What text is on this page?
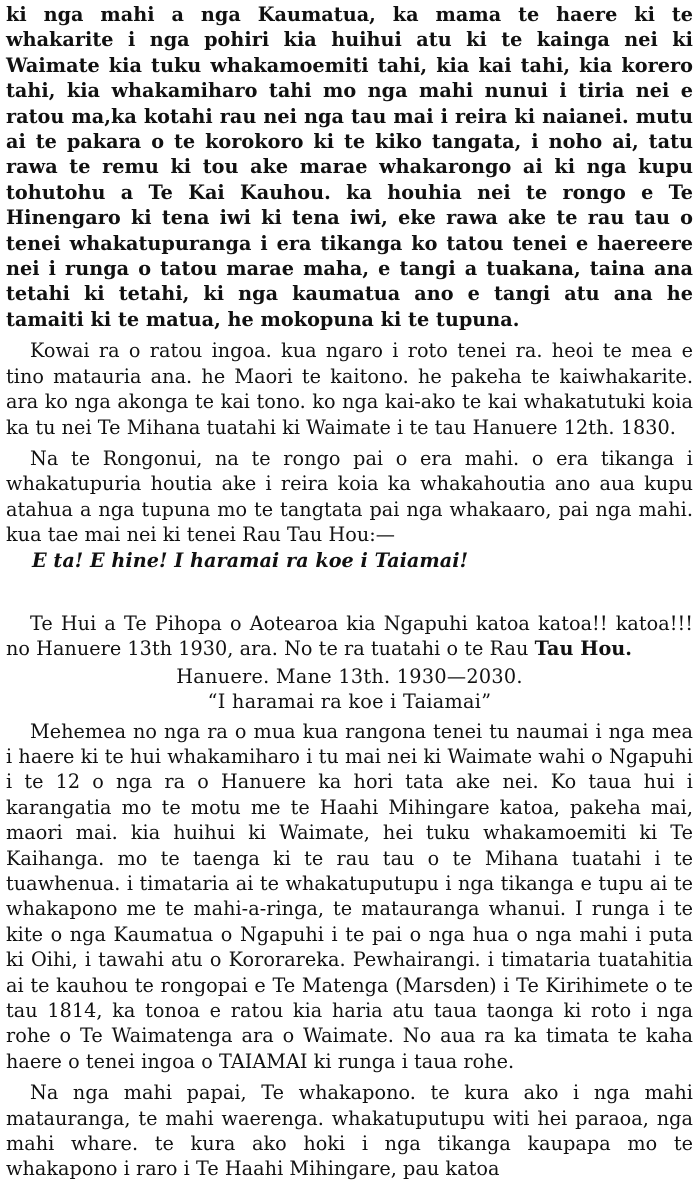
ki nga mahi a nga Kaumatua, ka mama te haere ki te whakarite i nga pohiri kia huihui atu ki te kainga nei ki Waimate kia tuku whakamoemiti tahi, kia kai tahi, kia korero tahi, kia whakamiharo tahi mo nga mahi nunui i tiria nei e ratou ma,ka kotahi rau nei nga tau mai i reira ki naianei. mutu ai te pakara o te korokoro ki te kiko tangata, i noho ai, tatu rawa te remu ki tou ake marae whakarongo ai ki nga kupu tohutohu a Te Kai Kauhou. ka houhia nei te rongo e Te Hinengaro ki tena iwi ki tena iwi, eke rawa ake te rau tau o tenei whakatupuranga i era tikanga ko tatou tenei e haereere nei i runga o tatou marae maha, e tangi a tuakana, taina ana tetahi ki tetahi, ki nga kaumatua ano e tangi atu ana he tamaiti ki te matua, he mokopuna ki te tupuna.

Kowai ra o ratou ingoa. kua ngaro i roto tenei ra. heoi te mea e tino matauria ana. he Maori te kaitono. he pakeha te kaiwhakarite. ara ko nga akonga te kai tono. ko nga kai-ako te kai whakatutuki koia ka tu nei Te Mihana tuatahi ki Waimate i te tau Hanuere 12th. 1830.

Na te Rongonui, na te rongo pai o era mahi. o era tikanga i whakatupuria houtia ake i reira koia ka whakahoutia ano aua kupu atahua a nga tupuna mo te tangtata pai nga whakaaro, pai nga mahi. kua tae mai nei ki tenei Rau Tau Hou:—
E ta! E hine! I haramai ra koe i Taiamai!

Te Hui a Te Pihopa o Aotearoa kia Ngapuhi katoa katoa!! katoa!!! no Hanuere 13th 1930, ara. No te ra tuatahi o te Rau Tau Hou.

Hanuere. Mane 13th. 1930—2030.

“I haramai ra koe i Taiamai”

Mehemea no nga ra o mua kua rangona tenei tu naumai i nga mea i haere ki te hui whakamiharo i tu mai nei ki Waimate wahi o Ngapuhi i te 12 o nga ra o Hanuere ka hori tata ake nei. Ko taua hui i karangatia mo te motu me te Haahi Mihingare katoa, pakeha mai, maori mai. kia huihui ki Waimate, hei tuku whakamoemiti ki Te Kaihanga. mo te taenga ki te rau tau o te Mihana tuatahi i te tuawhenua. i timataria ai te whakatuputupu i nga tikanga e tupu ai te whakapono me te mahi-a-ringa, te matauranga whanui. I runga i te kite o nga Kaumatua o Ngapuhi i te pai o nga hua o nga mahi i puta ki Oihi, i tawahi atu o Kororareka. Pewhairangi. i timataria tuatahitia ai te kauhou te rongopai e Te Matenga (Marsden) i Te Kirihimete o te tau 1814, ka tonoa e ratou kia haria atu taua taonga ki roto i nga rohe o Te Waimatenga ara o Waimate. No aua ra ka timata te kaha haere o tenei ingoa o TAIAMAI ki runga i taua rohe.

Na nga mahi papai, Te whakapono. te kura ako i nga mahi matauranga, te mahi waerenga. whakatuputupu witi hei paraoa, nga mahi whare. te kura ako hoki i nga tikanga kaupapa mo te whakapono i raro i Te Haahi Mihingare, pau katoa
